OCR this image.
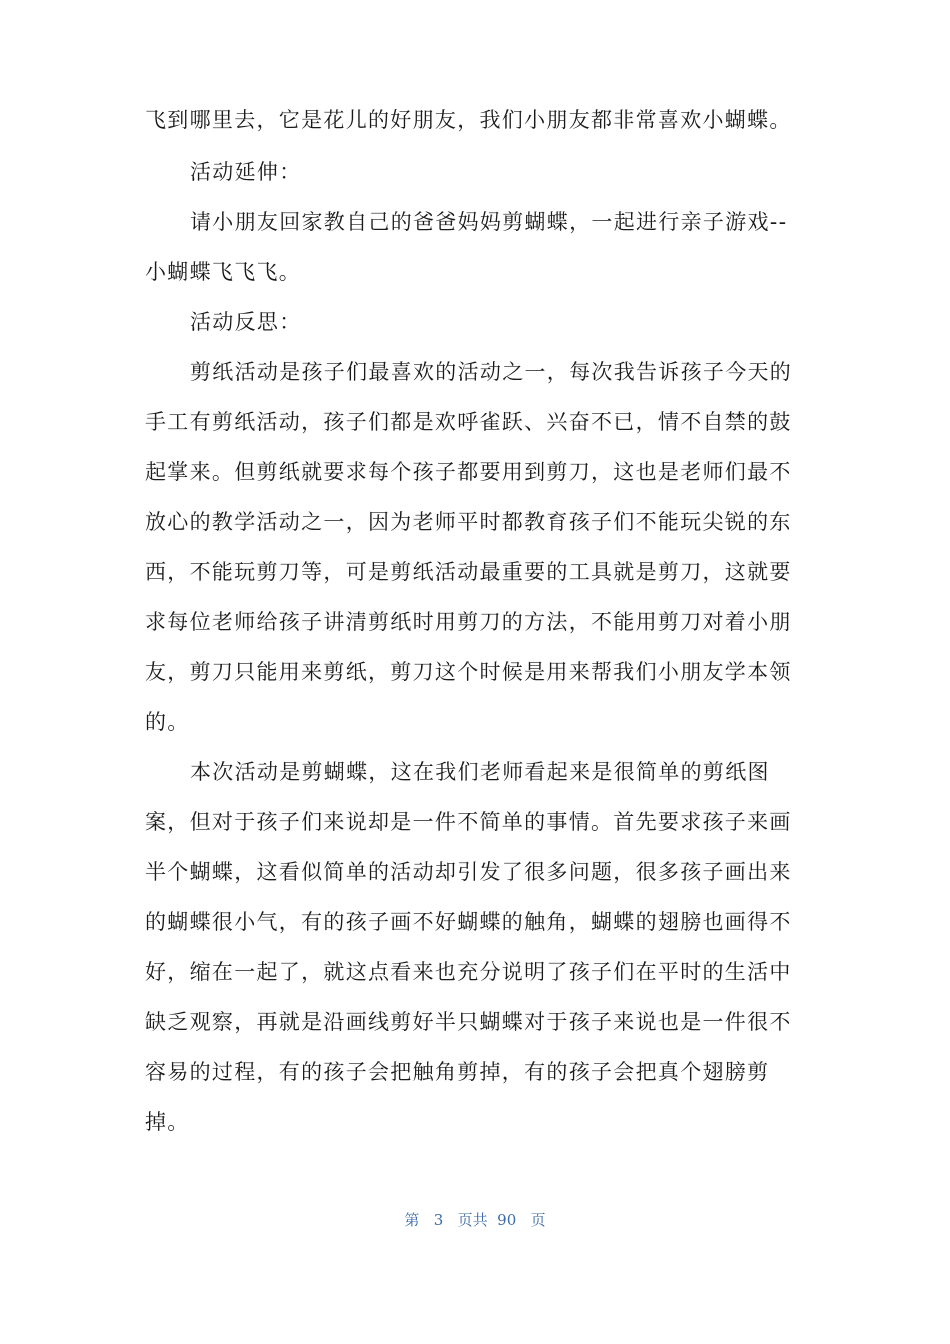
飞到哪里去，它是花儿的好朋友，我们小朋友都非常喜欢小蝴蝶。
活动延伸：
请小朋友回家教自己的爸爸妈妈剪蝴蝶，一起进行亲子游戏--
小蝴蝶飞飞飞。
活动反思：
剪纸活动是孩子们最喜欢的活动之一，每次我告诉孩子今天的
手工有剪纸活动，孩子们都是欢呼雀跃、兴奋不已，情不自禁的鼓
起掌来。但剪纸就要求每个孩子都要用到剪刀，这也是老师们最不
放心的教学活动之一，因为老师平时都教育孩子们不能玩尖锐的东
西，不能玩剪刀等，可是剪纸活动最重要的工具就是剪刀，这就要
求每位老师给孩子讲清剪纸时用剪刀的方法，不能用剪刀对着小朋
友，剪刀只能用来剪纸，剪刀这个时候是用来帮我们小朋友学本领
的。
本次活动是剪蝴蝶，这在我们老师看起来是很简单的剪纸图
案，但对于孩子们来说却是一件不简单的事情。首先要求孩子来画
半个蝴蝶，这看似简单的活动却引发了很多问题，很多孩子画出来
的蝴蝶很小气，有的孩子画不好蝴蝶的触角，蝴蝶的翅膀也画得不
好，缩在一起了，就这点看来也充分说明了孩子们在平时的生活中
缺乏观察，再就是沿画线剪好半只蝴蝶对于孩子来说也是一件很不
容易的过程，有的孩子会把触角剪掉，有的孩子会把真个翅膀剪
掉。
第 3 页共 90 页
